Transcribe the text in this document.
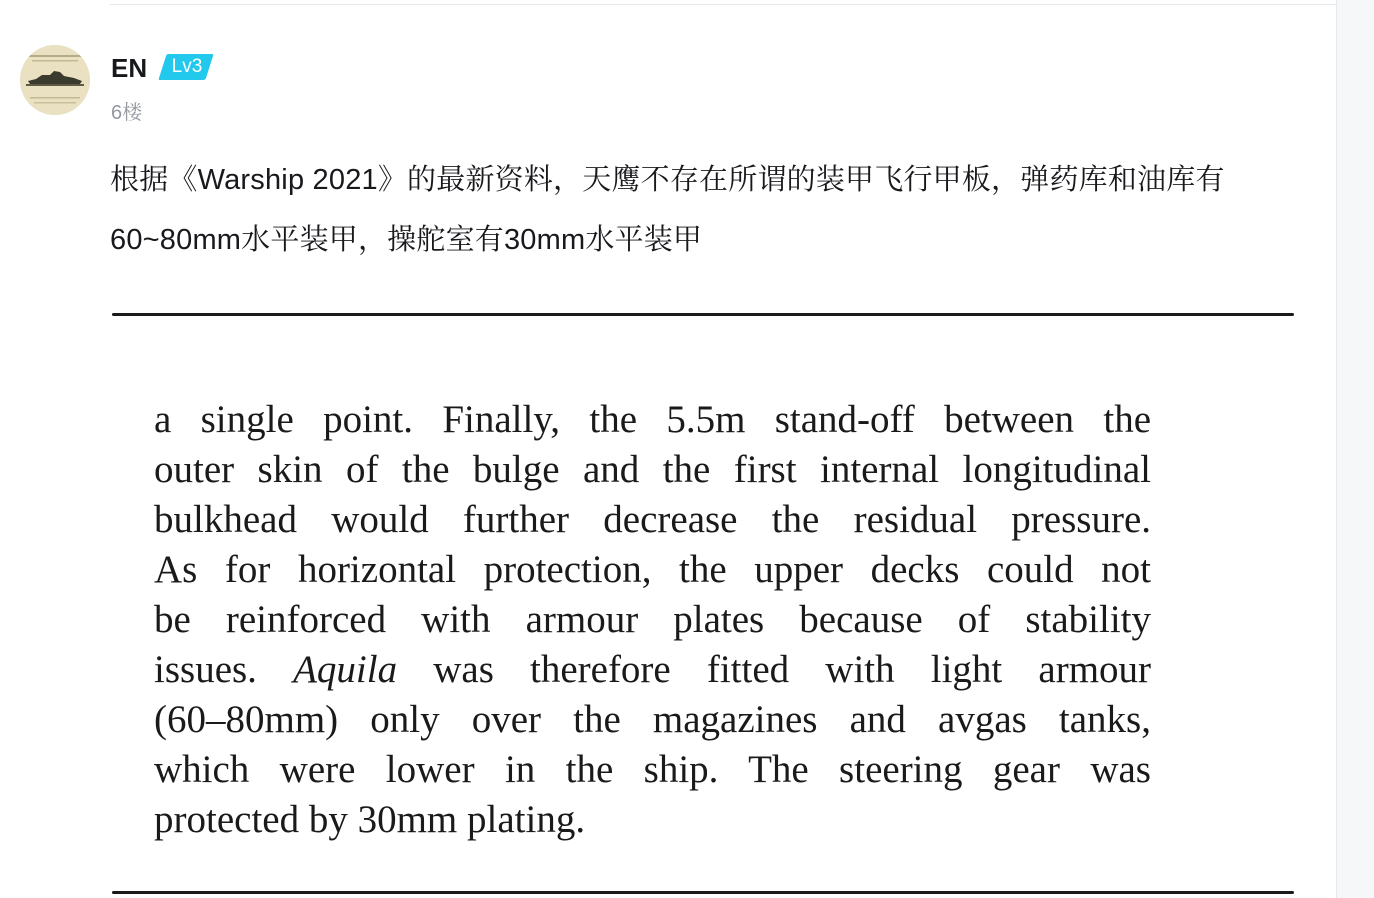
EN Lv3
6楼

根据《Warship 2021》的最新资料，天鹰不存在所谓的装甲飞行甲板，弹药库和油库有60~80mm水平装甲，操舵室有30mm水平装甲

a single point. Finally, the 5.5m stand-off between the
outer skin of the bulge and the first internal longitudinal
bulkhead would further decrease the residual pressure.
As for horizontal protection, the upper decks could not
be reinforced with armour plates because of stability
issues. Aquila was therefore fitted with light armour
(60–80mm) only over the magazines and avgas tanks,
which were lower in the ship. The steering gear was
protected by 30mm plating.
